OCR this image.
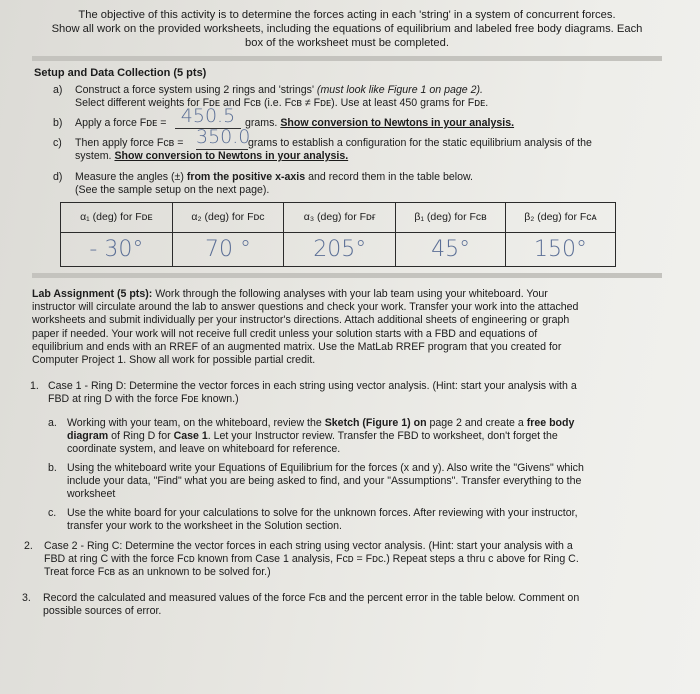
The objective of this activity is to determine the forces acting in each 'string' in a system of concurrent forces.
Show all work on the provided worksheets, including the equations of equilibrium and labeled free body diagrams. Each
box of the worksheet must be completed.
Setup and Data Collection (5 pts)
a) Construct a force system using 2 rings and 'strings' (must look like Figure 1 on page 2).
Select different weights for Fᴅᴇ and Fᴄʙ (i.e. Fᴄʙ ≠ Fᴅᴇ). Use at least 450 grams for Fᴅᴇ.
b) Apply a force Fᴅᴇ = 450.5 grams. Show conversion to Newtons in your analysis.
c) Then apply force Fᴄʙ = 350.0
grams to establish a configuration for the static equilibrium analysis of the
system. Show conversion to Newtons in your analysis.
d) Measure the angles (±) from the positive x-axis and record them in the table below.
(See the sample setup on the next page).
α₁ (deg) for Fᴅᴇ	α₂ (deg) for Fᴅᴄ	α₃ (deg) for Fᴅғ	β₁ (deg) for Fᴄʙ	β₂ (deg) for Fᴄᴀ
- 30°	70 °	205°	45°	150°
Lab Assignment (5 pts): Work through the following analyses with your lab team using your whiteboard. Your
instructor will circulate around the lab to answer questions and check your work. Transfer your work into the attached
worksheets and submit individually per your instructor's directions. Attach additional sheets of engineering or graph
paper if needed. Your work will not receive full credit unless your solution starts with a FBD and equations of
equilibrium and ends with an RREF of an augmented matrix. Use the MatLab RREF program that you created for
Computer Project 1. Show all work for possible partial credit.
1. Case 1 - Ring D: Determine the vector forces in each string using vector analysis. (Hint: start your analysis with a
FBD at ring D with the force Fᴅᴇ known.)
a. Working with your team, on the whiteboard, review the Sketch (Figure 1) on page 2 and create a free body
diagram of Ring D for Case 1. Let your Instructor review. Transfer the FBD to worksheet, don't forget the
coordinate system, and leave on whiteboard for reference.
b. Using the whiteboard write your Equations of Equilibrium for the forces (x and y). Also write the "Givens" which
include your data, "Find" what you are being asked to find, and your "Assumptions". Transfer everything to the
worksheet
c. Use the white board for your calculations to solve for the unknown forces. After reviewing with your instructor,
transfer your work to the worksheet in the Solution section.
2. Case 2 - Ring C: Determine the vector forces in each string using vector analysis. (Hint: start your analysis with a
FBD at ring C with the force Fᴄᴅ known from Case 1 analysis, Fᴄᴅ = Fᴅᴄ.) Repeat steps a thru c above for Ring C.
Treat force Fᴄʙ as an unknown to be solved for.)
3. Record the calculated and measured values of the force Fᴄʙ and the percent error in the table below. Comment on
possible sources of error.
